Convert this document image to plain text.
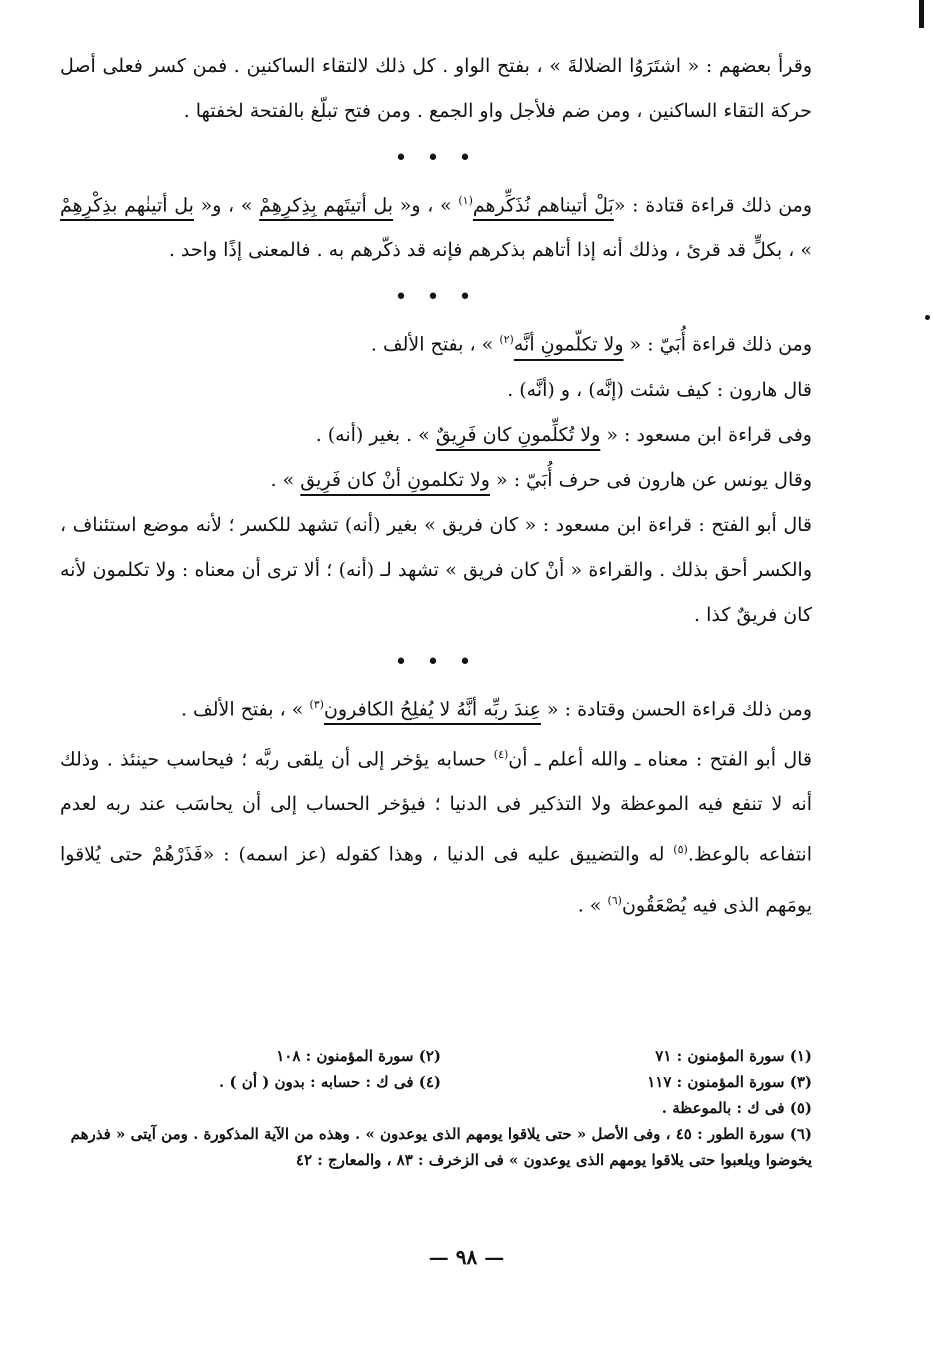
وقرأ بعضهم : « اشتَرَوُا الضلالةَ » ، بفتح الواو . كل ذلك لالتقاء الساكنين . فمن كسر فعلى أصل حركة التقاء الساكنين ، ومن ضم فلأجل واو الجمع . ومن فتح تبلّغ بالفتحة لخفتها .

• • •

ومن ذلك قراءة قتادة : «بَلْ أتيناهم نُذَكِّرهم$^{(١)}$ » ، و« بل أتيتَهم بِذِكرِهِمْ » ، و« بل أتينٰهم بذِكْرِهِمْ » ، بكلٍّ قد قرئ ، وذلك أنه إذا أتاهم بذكرهم فإنه قد ذكّرهم به . فالمعنى إذًا واحد .

• • •

ومن ذلك قراءة أُبَيّ : « ولا تكلّمونِ أنَّه$^{(٢)}$ » ، بفتح الألف .

قال هارون : كيف شئت (إنَّه) ، و (أنَّه) .

وفى قراءة ابن مسعود : « ولا تُكلِّمونِ كان فَرِيقٌ » . بغير (أنه) .

وقال يونس عن هارون فى حرف أُبَيّ : « ولا تكلمونِ أنْ كان فَرِيق » .

قال أبو الفتح : قراءة ابن مسعود : « كان فريق » بغير (أنه) تشهد للكسر ؛ لأنه موضع استئناف ، والكسر أحق بذلك . والقراءة « أنْ كان فريق » تشهد لـ (أنه) ؛ ألا ترى أن معناه : ولا تكلمون لأنه كان فريقٌ كذا .

• • •

ومن ذلك قراءة الحسن وقتادة : « عِندَ ربِّه أنَّهُ لا يُفلِحُ الكافرون$^{(٣)}$ » ، بفتح الألف .

قال أبو الفتح : معناه ـ والله أعلم ـ أن$^{(٤)}$ حسابه يؤخر إلى أن يلقى ربَّه ؛ فيحاسب حينئذ . وذلك أنه لا تنفع فيه الموعظة ولا التذكير فى الدنيا ؛ فيؤخر الحساب إلى أن يحاسَب عند ربه لعدم انتفاعه بالوعظ.$^{(٥)}$ له والتضييق عليه فى الدنيا ، وهذا كقوله (عز اسمه) : «فَذَرْهُمْ حتى يُلاقوا يومَهم الذى فيه يُصْعَقُون$^{(٦)}$ » .

(١) سورة المؤمنون : ٧١
(٢) سورة المؤمنون : ١٠٨
(٣) سورة المؤمنون : ١١٧
(٤) فى ك : حسابه : بدون ( أن ) .
(٥) فى ك : بالموعظة .
(٦) سورة الطور : ٤٥ ، وفى الأصل « حتى يلاقوا يومهم الذى يوعدون » . وهذه من الآية المذكورة . ومن آيتى « فذرهم يخوضوا ويلعبوا حتى يلاقوا يومهم الذى يوعدون » فى الزخرف : ٨٣ ، والمعارج : ٤٢
— ٩٨ —
